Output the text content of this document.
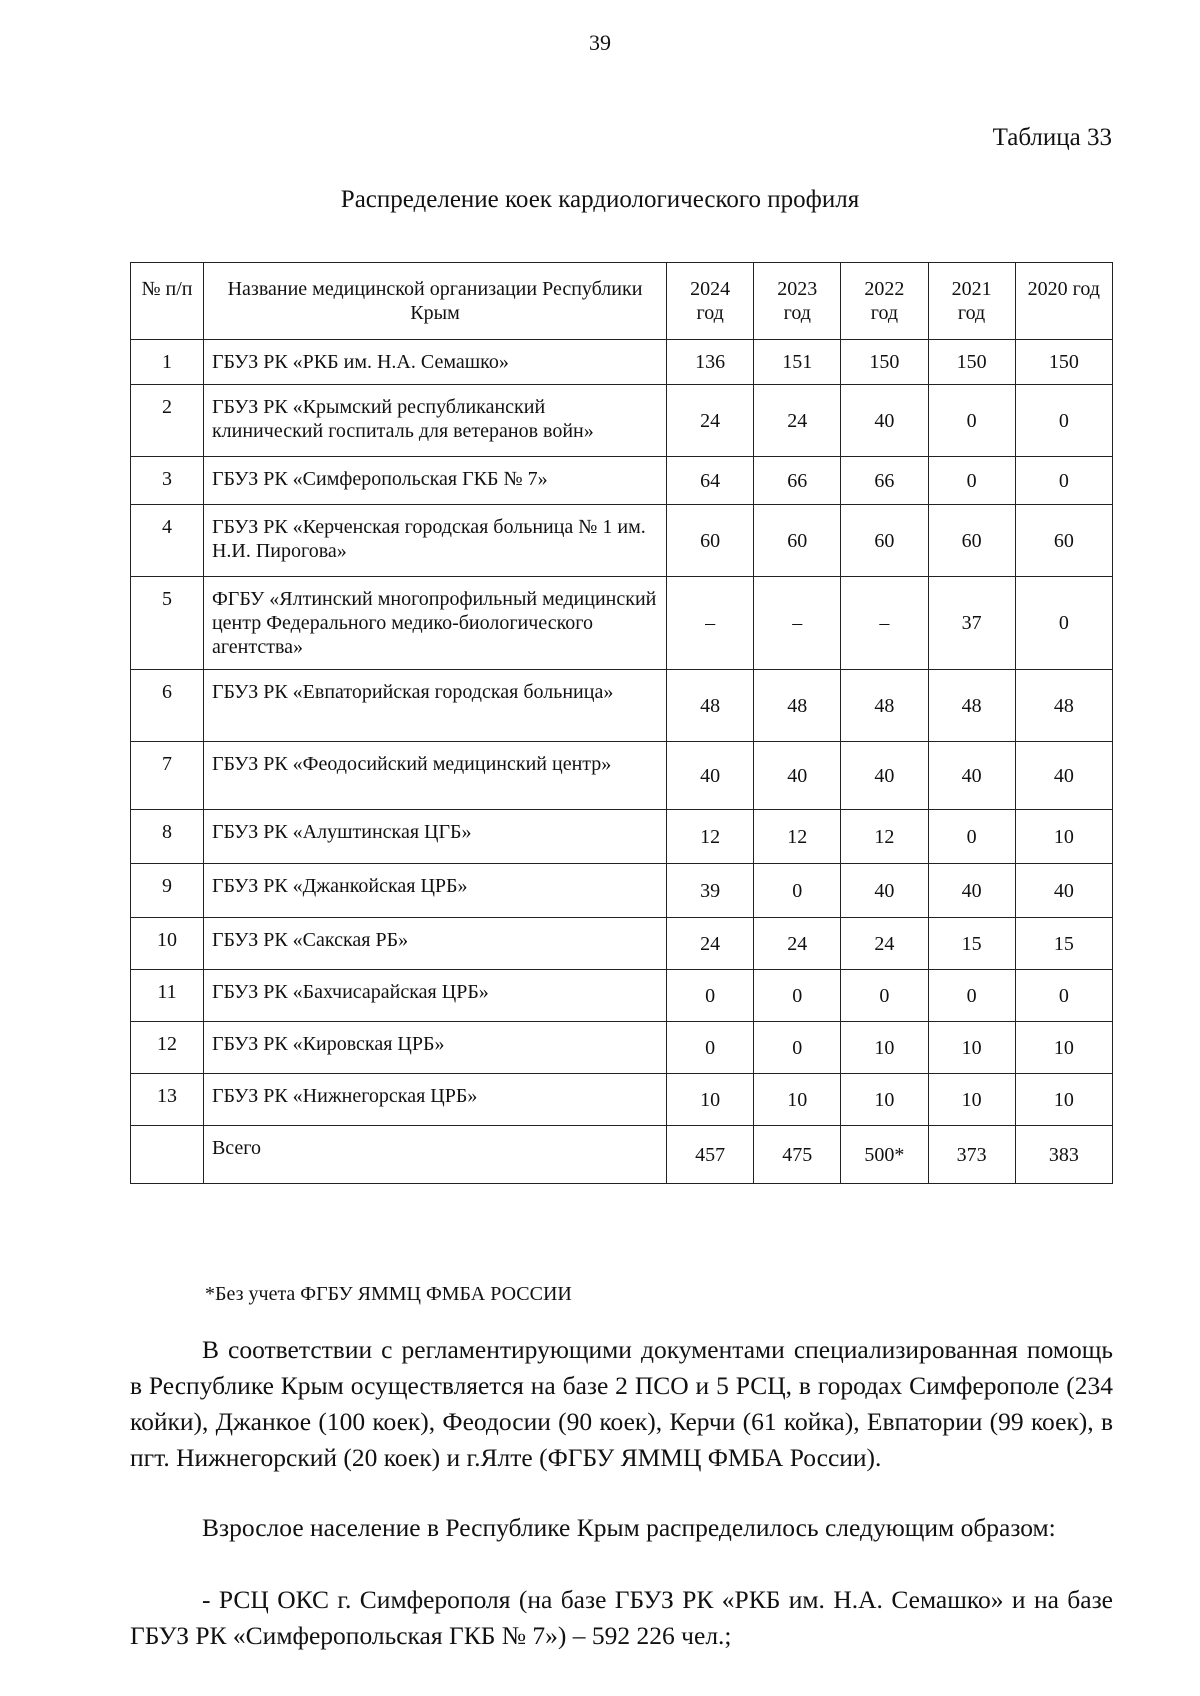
39
Таблица 33
Распределение коек кардиологического профиля
№ п/п	Название медицинской организации Республики Крым	2024 год	2023 год	2022 год	2021 год	2020 год
1	ГБУЗ РК «РКБ им. Н.А. Семашко»	136	151	150	150	150
2	ГБУЗ РК «Крымский республиканский клинический госпиталь для ветеранов войн»	24	24	40	0	0
3	ГБУЗ РК «Симферопольская ГКБ № 7»	64	66	66	0	0
4	ГБУЗ РК «Керченская городская больница № 1 им. Н.И. Пирогова»	60	60	60	60	60
5	ФГБУ «Ялтинский многопрофильный медицинский центр Федерального медико-биологического агентства»	–	–	–	37	0
6	ГБУЗ РК «Евпаторийская городская больница»	48	48	48	48	48
7	ГБУЗ РК «Феодосийский медицинский центр»	40	40	40	40	40
8	ГБУЗ РК «Алуштинская ЦГБ»	12	12	12	0	10
9	ГБУЗ РК «Джанкойская ЦРБ»	39	0	40	40	40
10	ГБУЗ РК «Сакская РБ»	24	24	24	15	15
11	ГБУЗ РК «Бахчисарайская ЦРБ»	0	0	0	0	0
12	ГБУЗ РК «Кировская ЦРБ»	0	0	10	10	10
13	ГБУЗ РК «Нижнегорская ЦРБ»	10	10	10	10	10
	Всего	457	475	500*	373	383
*Без учета ФГБУ ЯММЦ ФМБА РОССИИ
В соответствии с регламентирующими документами специализированная помощь в Республике Крым осуществляется на базе 2 ПСО и 5 РСЦ, в городах Симферополе (234 койки), Джанкое (100 коек), Феодосии (90 коек), Керчи (61 койка), Евпатории (99 коек), в пгт. Нижнегорский (20 коек) и г.Ялте (ФГБУ ЯММЦ ФМБА России).
Взрослое население в Республике Крым распределилось следующим образом:
- РСЦ ОКС г. Симферополя (на базе ГБУЗ РК «РКБ им. Н.А. Семашко» и на базе ГБУЗ РК «Симферопольская ГКБ № 7») – 592 226 чел.;
